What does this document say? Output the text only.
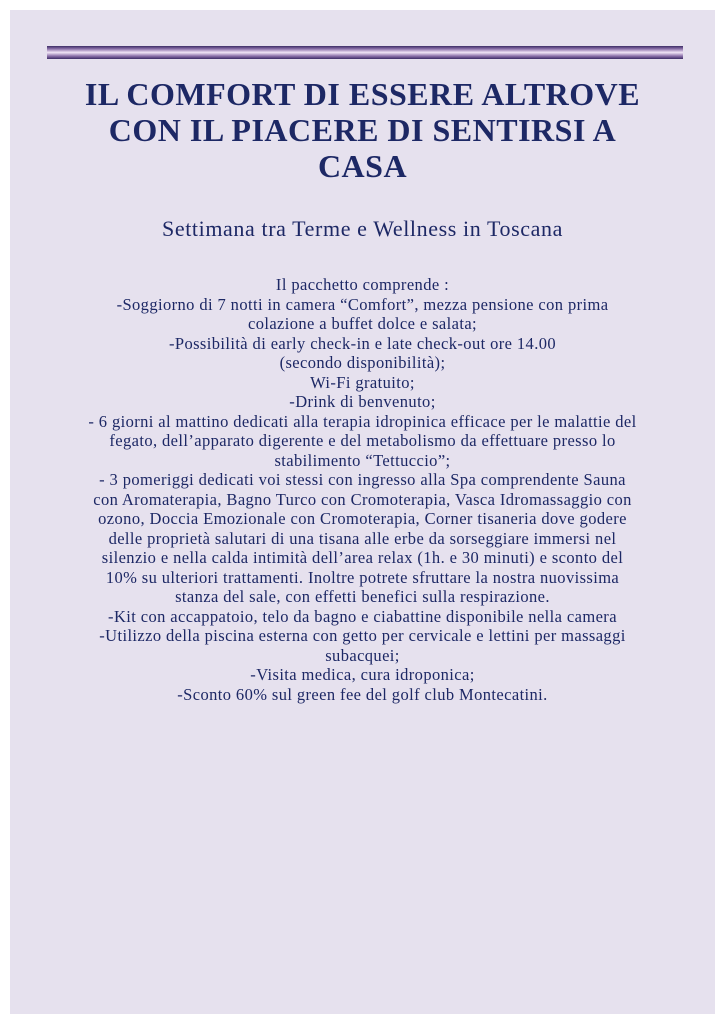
IL COMFORT DI ESSERE ALTROVE
CON IL PIACERE DI SENTIRSI A
CASA
Settimana tra Terme e Wellness in Toscana
Il pacchetto comprende :
-Soggiorno di 7 notti in camera “Comfort”, mezza pensione con prima
colazione a buffet dolce e salata;
-Possibilità di early check-in e late check-out ore 14.00
(secondo disponibilità);
Wi-Fi gratuito;
-Drink di benvenuto;
- 6 giorni al mattino dedicati alla terapia idropinica efficace per le malattie del
fegato, dell’apparato digerente e del metabolismo da effettuare presso lo
stabilimento “Tettuccio”;
- 3 pomeriggi dedicati voi stessi con ingresso alla Spa comprendente Sauna
con Aromaterapia, Bagno Turco con Cromoterapia, Vasca Idromassaggio con
ozono, Doccia Emozionale con Cromoterapia, Corner tisaneria dove godere
delle proprietà salutari di una tisana alle erbe da sorseggiare immersi nel
silenzio e nella calda intimità dell’area relax (1h. e 30 minuti) e sconto del
10% su ulteriori trattamenti. Inoltre potrete sfruttare la nostra nuovissima
stanza del sale, con effetti benefici sulla respirazione.
-Kit con accappatoio, telo da bagno e ciabattine disponibile nella camera
-Utilizzo della piscina esterna con getto per cervicale e lettini per massaggi
subacquei;
-Visita medica, cura idroponica;
-Sconto 60% sul green fee del golf club Montecatini.
